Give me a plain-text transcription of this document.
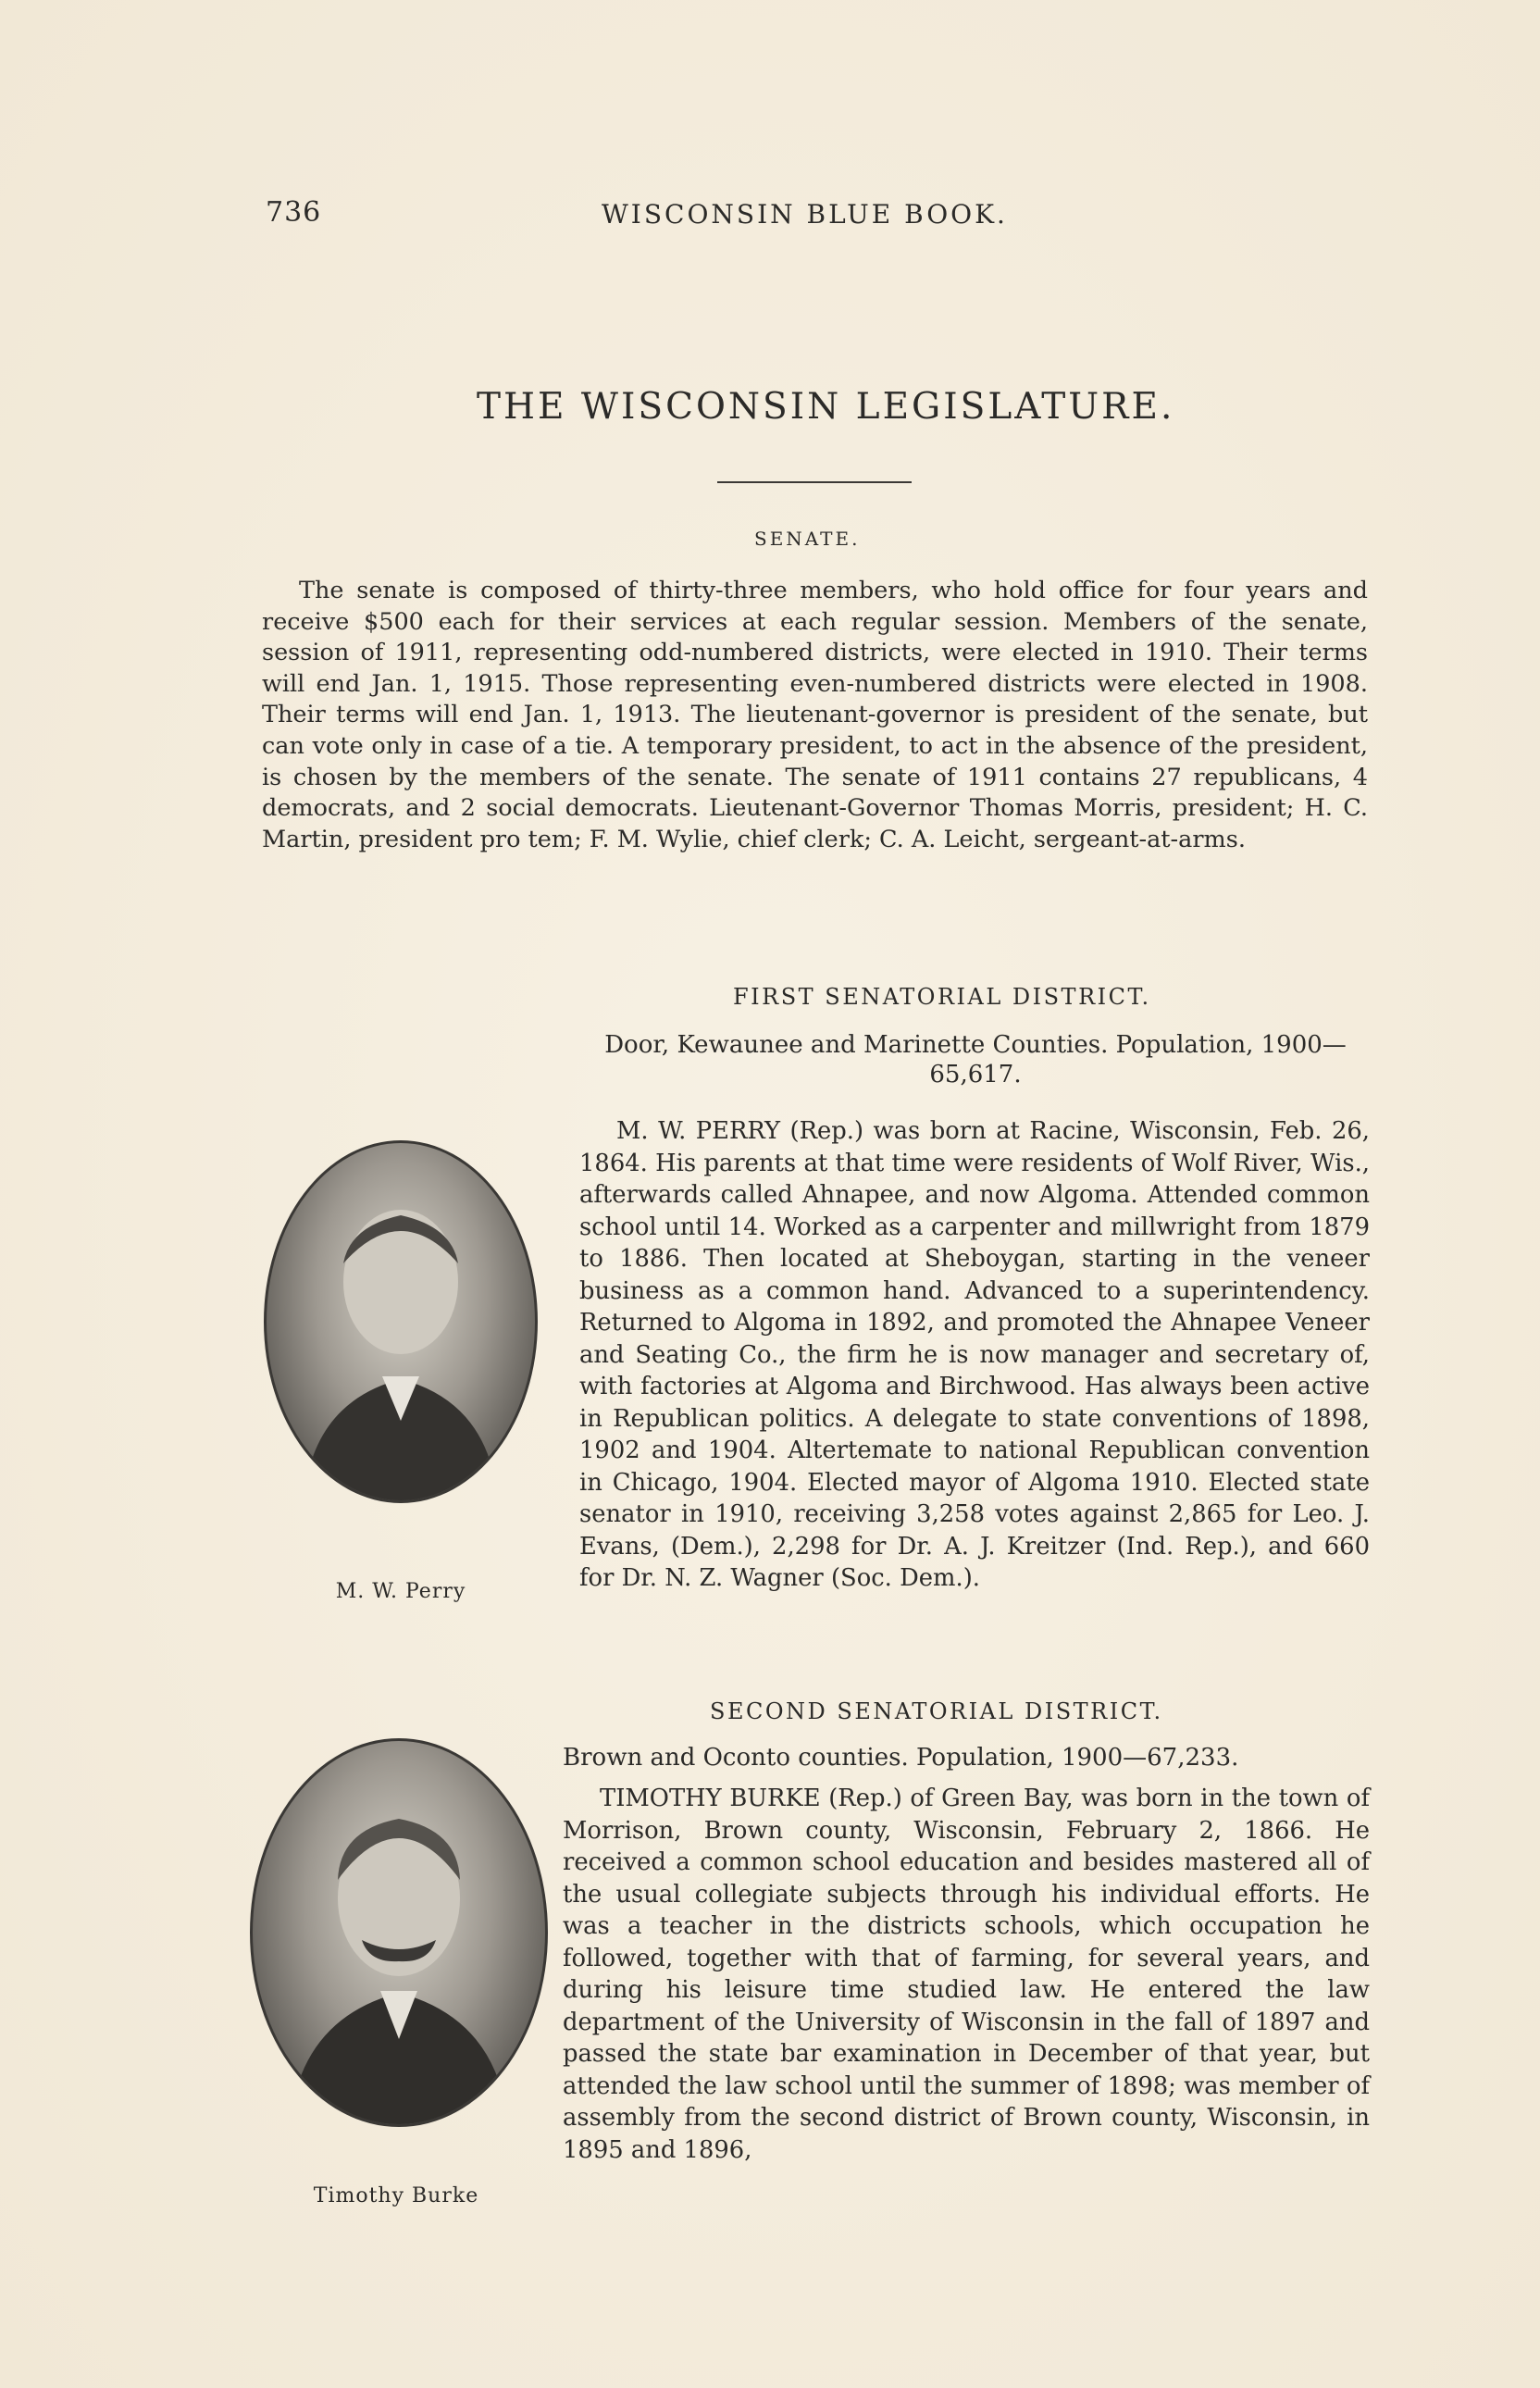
736	WISCONSIN BLUE BOOK.
THE WISCONSIN LEGISLATURE.
SENATE.

The senate is composed of thirty-three members, who hold office for four years and receive $500 each for their services at each regular session. Members of the senate, session of 1911, representing odd-numbered districts, were elected in 1910. Their terms will end Jan. 1, 1915. Those representing even-numbered districts were elected in 1908. Their terms will end Jan. 1, 1913. The lieutenant-governor is president of the senate, but can vote only in case of a tie. A temporary president, to act in the absence of the president, is chosen by the members of the senate. The senate of 1911 contains 27 republicans, 4 democrats, and 2 social democrats. Lieutenant-Governor Thomas Morris, president; H. C. Martin, president pro tem; F. M. Wylie, chief clerk; C. A. Leicht, sergeant-at-arms.

FIRST SENATORIAL DISTRICT.
Door, Kewaunee and Marinette Counties. Population, 1900—65,617.
M. W. Perry

M. W. PERRY (Rep.) was born at Racine, Wisconsin, Feb. 26, 1864. His parents at that time were residents of Wolf River, Wis., afterwards called Ahnapee, and now Algoma. Attended common school until 14. Worked as a carpenter and millwright from 1879 to 1886. Then located at Sheboygan, starting in the veneer business as a common hand. Advanced to a superintendency. Returned to Algoma in 1892, and promoted the Ahnapee Veneer and Seating Co., the firm he is now manager and secretary of, with factories at Algoma and Birchwood. Has always been active in Republican politics. A delegate to state conventions of 1898, 1902 and 1904. Altertemate to national Republican convention in Chicago, 1904. Elected mayor of Algoma 1910. Elected state senator in 1910, receiving 3,258 votes against 2,865 for Leo. J. Evans, (Dem.), 2,298 for Dr. A. J. Kreitzer (Ind. Rep.), and 660 for Dr. N. Z. Wagner (Soc. Dem.).

SECOND SENATORIAL DISTRICT.
Brown and Oconto counties. Population, 1900—67,233.
Timothy Burke

TIMOTHY BURKE (Rep.) of Green Bay, was born in the town of Morrison, Brown county, Wisconsin, February 2, 1866. He received a common school education and besides mastered all of the usual collegiate subjects through his individual efforts. He was a teacher in the districts schools, which occupation he followed, together with that of farming, for several years, and during his leisure time studied law. He entered the law department of the University of Wisconsin in the fall of 1897 and passed the state bar examination in December of that year, but attended the law school until the summer of 1898; was member of assembly from the second district of Brown county, Wisconsin, in 1895 and 1896,
